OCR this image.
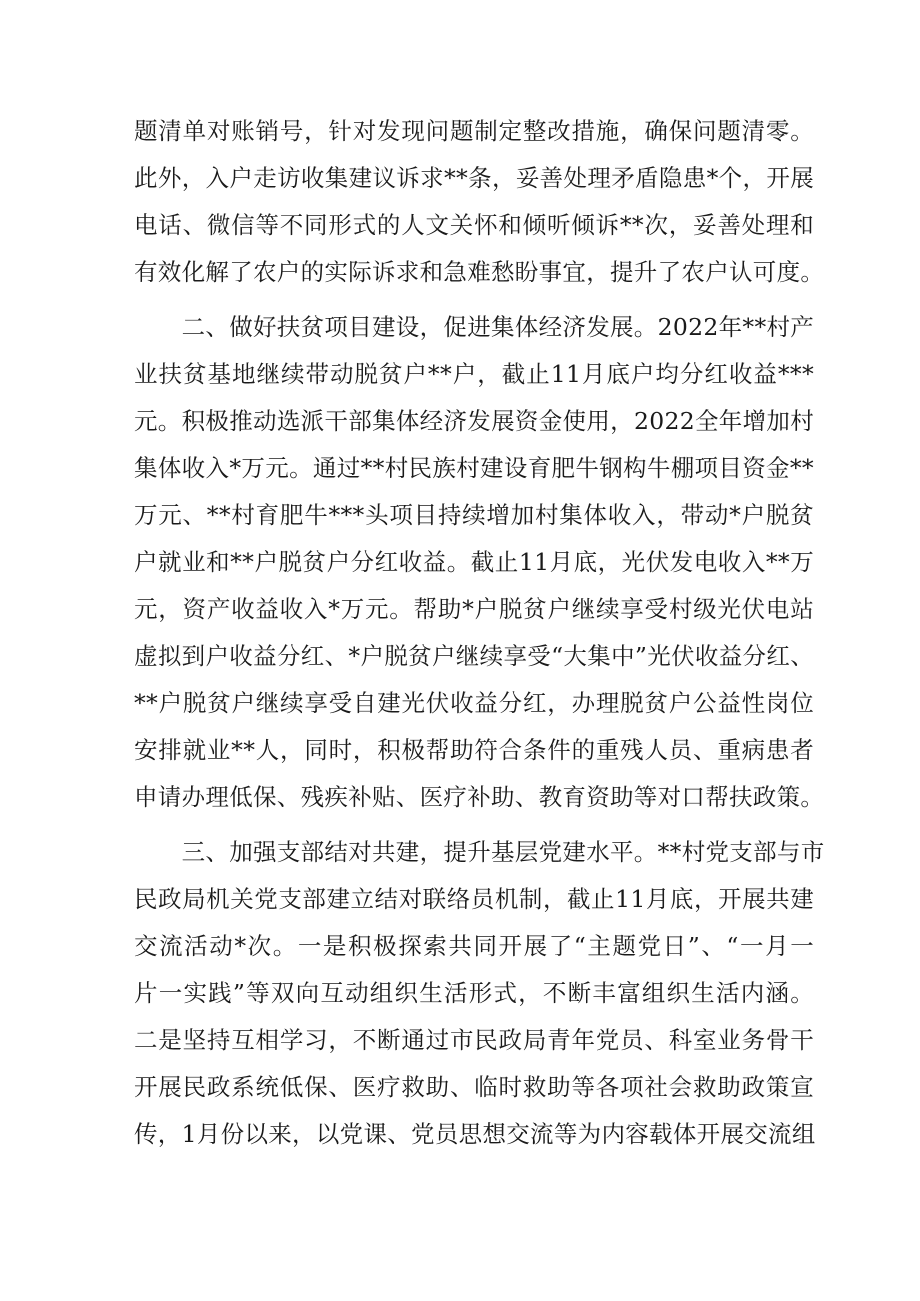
题清单对账销号，针对发现问题制定整改措施，确保问题清零。
此外，入户走访收集建议诉求**条，妥善处理矛盾隐患*个，开展
电话、微信等不同形式的人文关怀和倾听倾诉**次，妥善处理和
有效化解了农户的实际诉求和急难愁盼事宜，提升了农户认可度。
　　二、做好扶贫项目建设，促进集体经济发展。2022年**村产
业扶贫基地继续带动脱贫户**户，截止11月底户均分红收益***
元。积极推动选派干部集体经济发展资金使用，2022全年增加村
集体收入*万元。通过**村民族村建设育肥牛钢构牛棚项目资金**
万元、**村育肥牛***头项目持续增加村集体收入，带动*户脱贫
户就业和**户脱贫户分红收益。截止11月底，光伏发电收入**万
元，资产收益收入*万元。帮助*户脱贫户继续享受村级光伏电站
虚拟到户收益分红、*户脱贫户继续享受“大集中”光伏收益分红、
**户脱贫户继续享受自建光伏收益分红，办理脱贫户公益性岗位
安排就业**人，同时，积极帮助符合条件的重残人员、重病患者
申请办理低保、残疾补贴、医疗补助、教育资助等对口帮扶政策。
　　三、加强支部结对共建，提升基层党建水平。**村党支部与市
民政局机关党支部建立结对联络员机制，截止11月底，开展共建
交流活动*次。一是积极探索共同开展了“主题党日”、“一月一
片一实践”等双向互动组织生活形式，不断丰富组织生活内涵。
二是坚持互相学习，不断通过市民政局青年党员、科室业务骨干
开展民政系统低保、医疗救助、临时救助等各项社会救助政策宣
传，1月份以来，以党课、党员思想交流等为内容载体开展交流组
